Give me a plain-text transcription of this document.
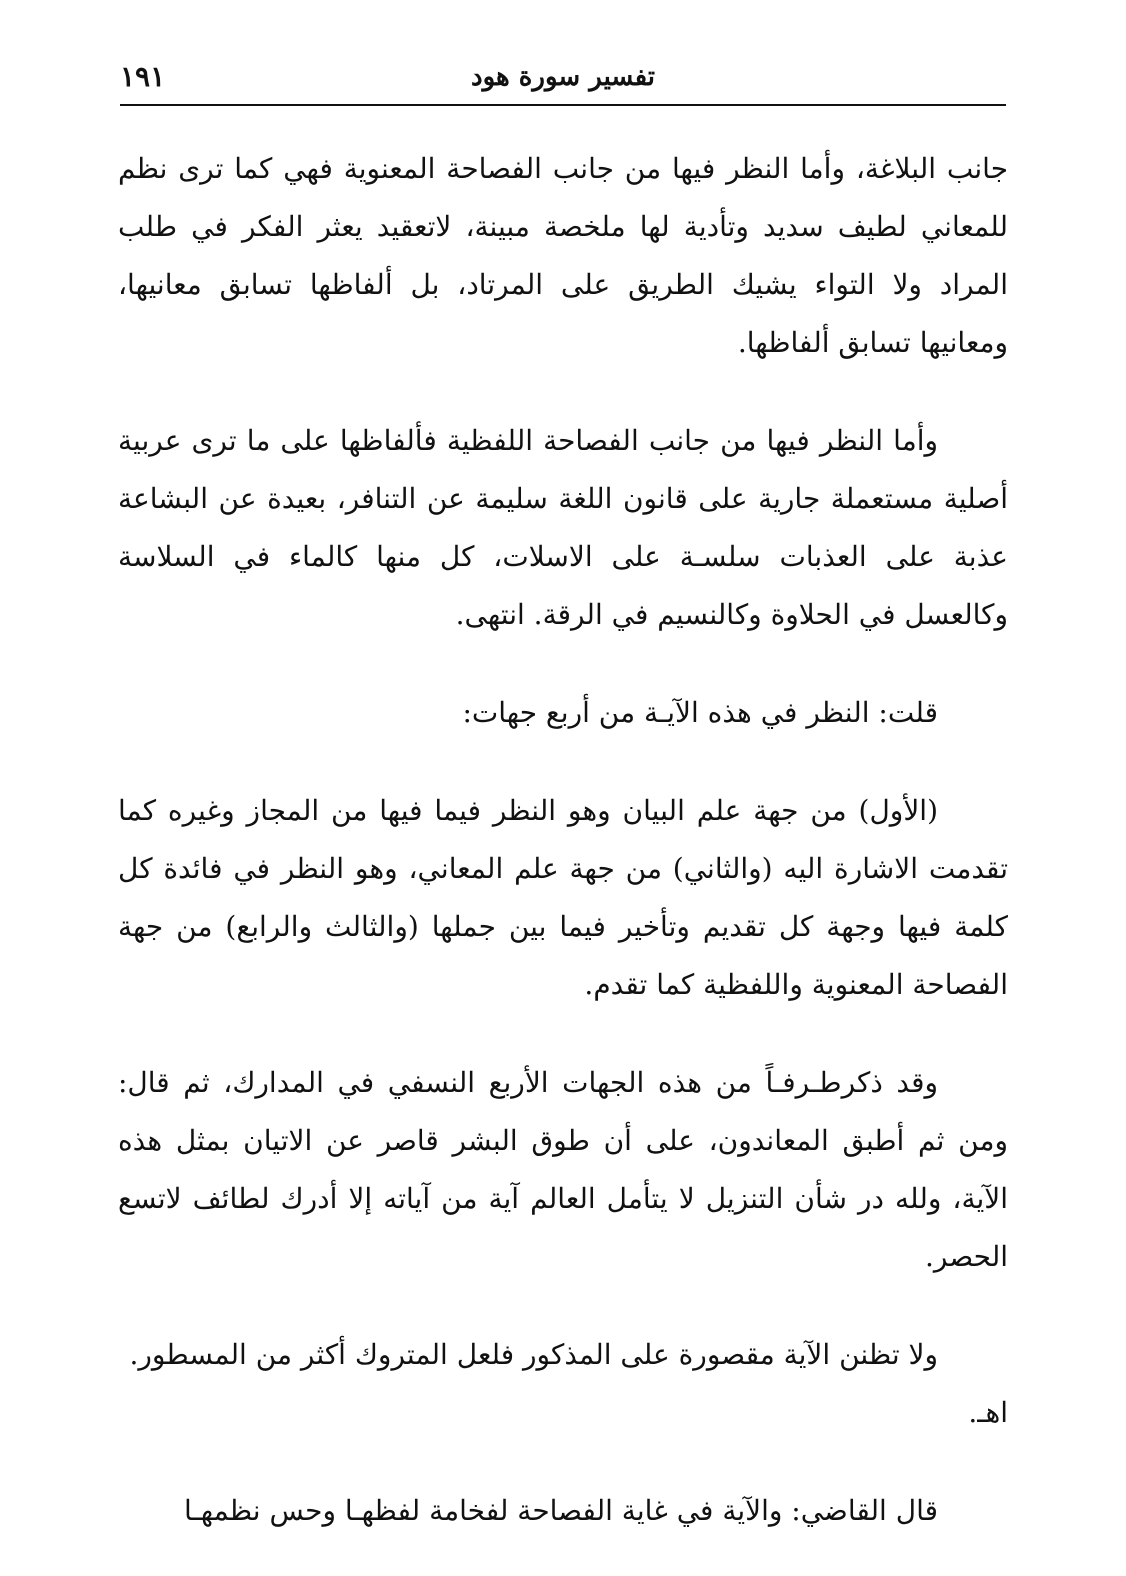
تفسير سورة هود
١٩١

جانب البلاغة، وأما النظر فيها من جانب الفصاحة المعنوية فهي كما ترى نظم للمعاني لطيف سديد وتأدية لها ملخصة مبينة، لاتعقيد يعثر الفكر في طلب المراد ولا التواء يشيك الطريق على المرتاد، بل ألفاظها تسابق معانيها، ومعانيها تسابق ألفاظها.

وأما النظر فيها من جانب الفصاحة اللفظية فألفاظها على ما ترى عربية أصلية مستعملة جارية على قانون اللغة سليمة عن التنافر، بعيدة عن البشاعة عذبة على العذبات سلسـة على الاسلات، كل منها كالماء في السلاسة وكالعسل في الحلاوة وكالنسيم في الرقة. انتهى.

قلت: النظر في هذه الآيـة من أربع جهات:

(الأول) من جهة علم البيان وهو النظر فيما فيها من المجاز وغيره كما تقدمت الاشارة اليه (والثاني) من جهة علم المعاني، وهو النظر في فائدة كل كلمة فيها وجهة كل تقديم وتأخير فيما بين جملها (والثالث والرابع) من جهة الفصاحة المعنوية واللفظية كما تقدم.

وقد ذكرطـرفـاً من هذه الجهات الأربع النسفي في المدارك، ثم قال: ومن ثم أطبق المعاندون، على أن طوق البشر قاصر عن الاتيان بمثل هذه الآية، ولله در شأن التنزيل لا يتأمل العالم آية من آياته إلا أدرك لطائف لاتسع الحصر.

ولا تظنن الآية مقصورة على المذكور فلعل المتروك أكثر من المسطور.

اهـ.

قال القاضي: والآية في غاية الفصاحة لفخامة لفظهـا وحس نظمهـا
